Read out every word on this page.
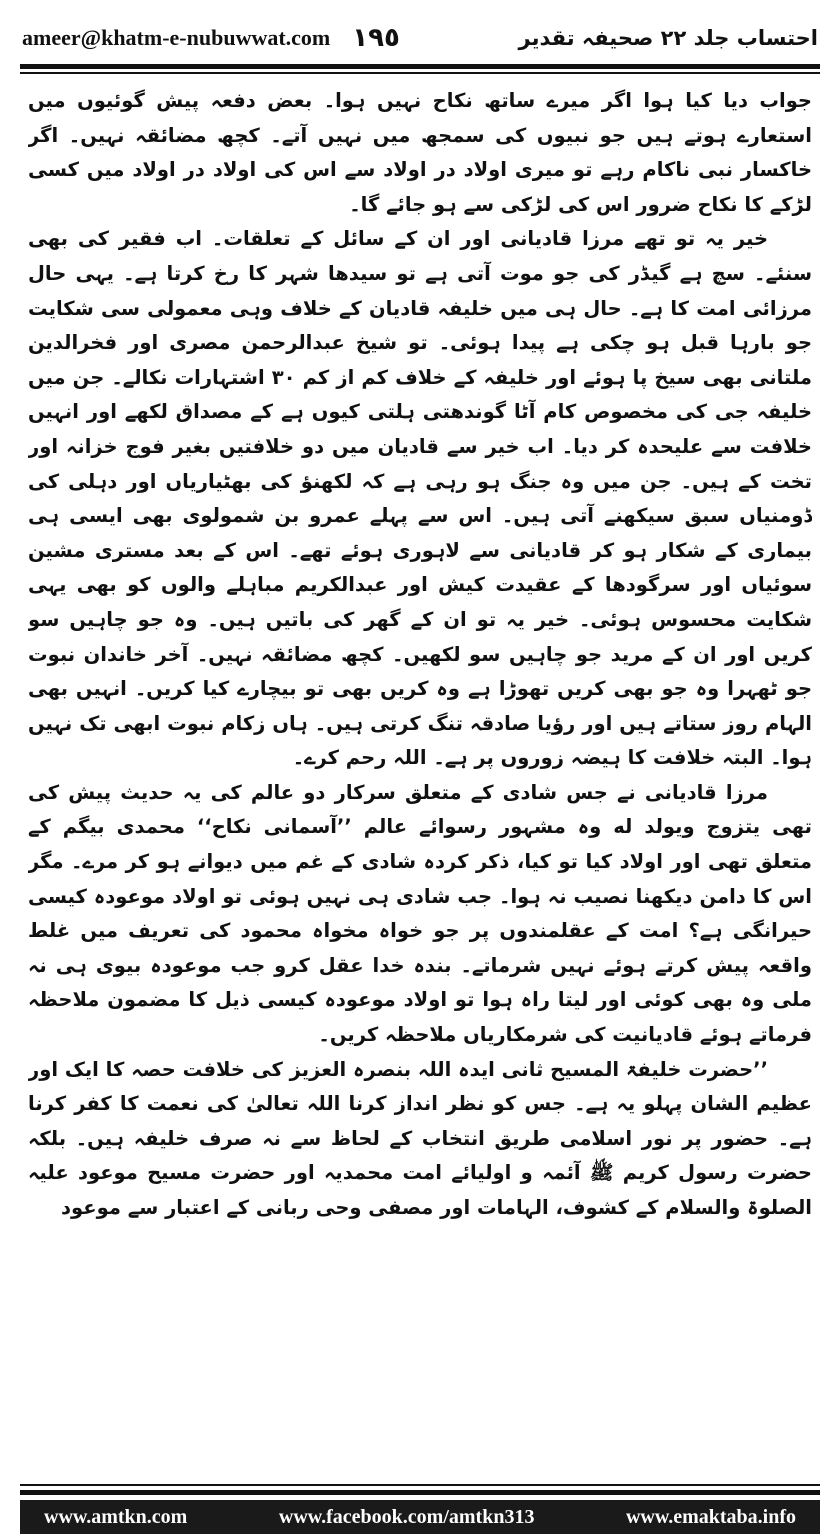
ameer@khatm-e-nubuwwat.com ١٩٥	احتساب جلد ۲۲ صحیفہ تقدیر

جواب دیا کیا ہوا اگر میرے ساتھ نکاح نہیں ہوا۔ بعض دفعہ پیش گوئیوں میں استعارے ہوتے ہیں جو نبیوں کی سمجھ میں نہیں آتے۔ کچھ مضائقہ نہیں۔ اگر خاکسار نبی ناکام رہے تو میری اولاد در اولاد سے اس کی اولاد در اولاد میں کسی لڑکے کا نکاح ضرور اس کی لڑکی سے ہو جائے گا۔

خیر یہ تو تھے مرزا قادیانی اور ان کے سائل کے تعلقات۔ اب فقیر کی بھی سنئے۔ سچ ہے گیڈر کی جو موت آتی ہے تو سیدھا شہر کا رخ کرتا ہے۔ یہی حال مرزائی امت کا ہے۔ حال ہی میں خلیفہ قادیان کے خلاف وہی معمولی سی شکایت جو بارہا قبل ہو چکی ہے پیدا ہوئی۔ تو شیخ عبدالرحمن مصری اور فخرالدین ملتانی بھی سیخ پا ہوئے اور خلیفہ کے خلاف کم از کم ۳۰ اشتہارات نکالے۔ جن میں خلیفہ جی کی مخصوص کام آٹا گوندھتی ہلتی کیوں ہے کے مصداق لکھے اور انہیں خلافت سے علیحدہ کر دیا۔ اب خیر سے قادیان میں دو خلافتیں بغیر فوج خزانہ اور تخت کے ہیں۔ جن میں وہ جنگ ہو رہی ہے کہ لکھنؤ کی بھٹیاریاں اور دہلی کی ڈومنیاں سبق سیکھنے آتی ہیں۔ اس سے پہلے عمرو بن شمولوی بھی ایسی ہی بیماری کے شکار ہو کر قادیانی سے لاہوری ہوئے تھے۔ اس کے بعد مستری مشین سوئیاں اور سرگودھا کے عقیدت کیش اور عبدالکریم مباہلے والوں کو بھی یہی شکایت محسوس ہوئی۔ خیر یہ تو ان کے گھر کی باتیں ہیں۔ وہ جو چاہیں سو کریں اور ان کے مرید جو چاہیں سو لکھیں۔ کچھ مضائقہ نہیں۔ آخر خاندان نبوت جو ٹھہرا وہ جو بھی کریں تھوڑا ہے وہ کریں بھی تو بیچارے کیا کریں۔ انہیں بھی الہام روز ستاتے ہیں اور رؤیا صادقہ تنگ کرتی ہیں۔ ہاں زکام نبوت ابھی تک نہیں ہوا۔ البتہ خلافت کا ہیضہ زوروں پر ہے۔ اللہ رحم کرے۔

مرزا قادیانی نے جس شادی کے متعلق سرکار دو عالم کی یہ حدیث پیش کی تھی یتزوج ویولد له وہ مشہور رسوائے عالم ’’آسمانی نکاح‘‘ محمدی بیگم کے متعلق تھی اور اولاد کیا تو کیا، ذکر کردہ شادی کے غم میں دیوانے ہو کر مرے۔ مگر اس کا دامن دیکھنا نصیب نہ ہوا۔ جب شادی ہی نہیں ہوئی تو اولاد موعودہ کیسی حیرانگی ہے؟ امت کے عقلمندوں پر جو خواہ مخواہ محمود کی تعریف میں غلط واقعہ پیش کرتے ہوئے نہیں شرماتے۔ بندہ خدا عقل کرو جب موعودہ بیوی ہی نہ ملی وہ بھی کوئی اور لیتا راہ ہوا تو اولاد موعودہ کیسی ذیل کا مضمون ملاحظہ فرماتے ہوئے قادیانیت کی شرمکاریاں ملاحظہ کریں۔

’’حضرت خلیفۃ المسیح ثانی ایدہ اللہ بنصرہ العزیز کی خلافت حصہ کا ایک اور عظیم الشان پہلو یہ ہے۔ جس کو نظر انداز کرنا اللہ تعالیٰ کی نعمت کا کفر کرنا ہے۔ حضور پر نور اسلامی طریق انتخاب کے لحاظ سے نہ صرف خلیفہ ہیں۔ بلکہ حضرت رسول کریم ﷺ آئمہ و اولیائے امت محمدیہ اور حضرت مسیح موعود علیہ الصلوۃ والسلام کے کشوف، الہامات اور مصفی وحی ربانی کے اعتبار سے موعود

www.amtkn.com	www.facebook.com/amtkn313	www.emaktaba.info
